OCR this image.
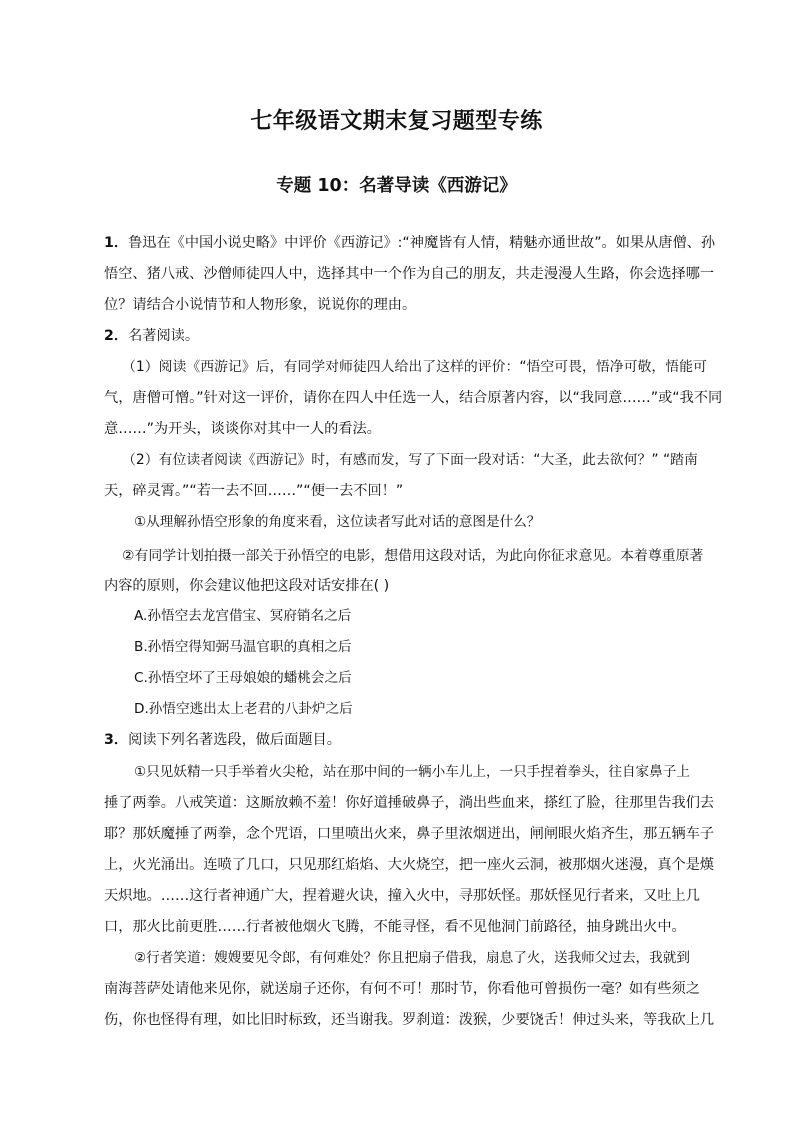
七年级语文期末复习题型专练
专题 10：名著导读《西游记》
1．鲁迅在《中国小说史略》中评价《西游记》:“神魔皆有人情，精魅亦通世故”。如果从唐僧、孙
悟空、猪八戒、沙僧师徒四人中，选择其中一个作为自己的朋友，共走漫漫人生路，你会选择哪一
位？请结合小说情节和人物形象，说说你的理由。
2．名著阅读。
（1）阅读《西游记》后，有同学对师徒四人给出了这样的评价：“悟空可畏，悟净可敬，悟能可
气，唐僧可憎。”针对这一评价，请你在四人中任选一人，结合原著内容，以“我同意……”或“我不同
意……”为开头，谈谈你对其中一人的看法。
（2）有位读者阅读《西游记》时，有感而发，写了下面一段对话：“大圣，此去欲何？” “踏南
天，碎灵霄。”“若一去不回……”“便一去不回！”
①从理解孙悟空形象的角度来看，这位读者写此对话的意图是什么？
②有同学计划拍摄一部关于孙悟空的电影，想借用这段对话，为此向你征求意见。本着尊重原著
内容的原则，你会建议他把这段对话安排在( )
A.孙悟空去龙宫借宝、冥府销名之后
B.孙悟空得知弼马温官职的真相之后
C.孙悟空坏了王母娘娘的蟠桃会之后
D.孙悟空逃出太上老君的八卦炉之后
3．阅读下列名著选段，做后面题目。
①只见妖精一只手举着火尖枪，站在那中间的一辆小车儿上，一只手捏着拳头，往自家鼻子上
捶了两拳。八戒笑道：这厮放赖不羞！你好道捶破鼻子，淌出些血来，搽红了脸，往那里告我们去
耶？那妖魔捶了两拳，念个咒语，口里喷出火来，鼻子里浓烟迸出，闸闸眼火焰齐生，那五辆车子
上，火光涌出。连喷了几口，只见那红焰焰、大火烧空，把一座火云洞，被那烟火迷漫，真个是熯
天炽地。……这行者神通广大，捏着避火诀，撞入火中，寻那妖怪。那妖怪见行者来，又吐上几
口，那火比前更胜……行者被他烟火飞腾，不能寻怪，看不见他洞门前路径，抽身跳出火中。
②行者笑道：嫂嫂要见令郎，有何难处？你且把扇子借我，扇息了火，送我师父过去，我就到
南海菩萨处请他来见你，就送扇子还你，有何不可！那时节，你看他可曾损伤一毫？如有些须之
伤，你也怪得有理，如比旧时标致，还当谢我。罗刹道：泼猴，少要饶舌！伸过头来，等我砍上几
